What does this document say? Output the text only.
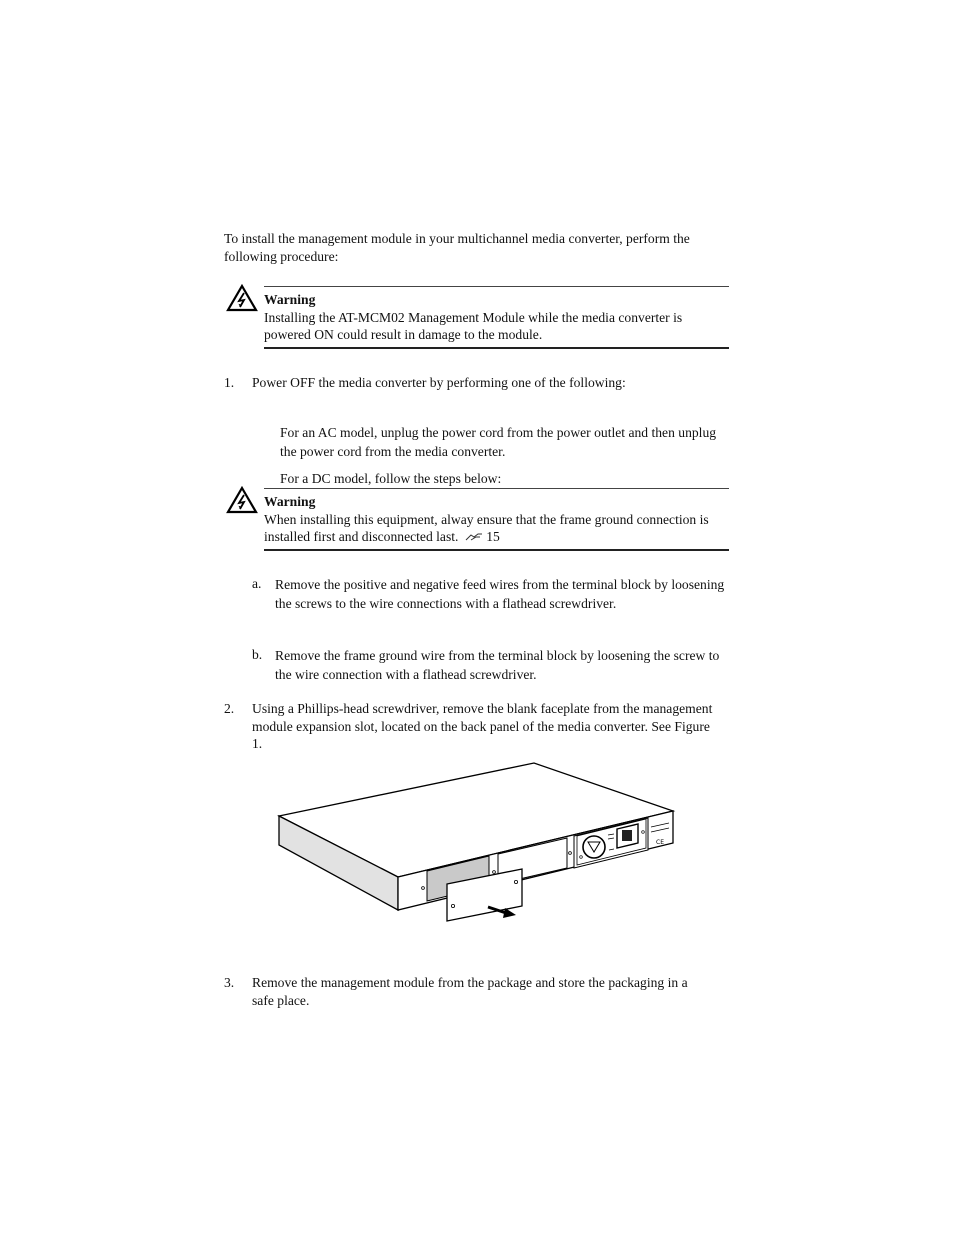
To install the management module in your multichannel media converter, perform the following procedure:

Warning
Installing the AT-MCM02 Management Module while the media converter is powered ON could result in damage to the module.
1. Power OFF the media converter by performing one of the following:

For an AC model, unplug the power cord from the power outlet and then unplug the power cord from the media converter.

For a DC model, follow the steps below:

Warning
When installing this equipment, alway ensure that the frame ground connection is installed first and disconnected last. 15
a. Remove the positive and negative feed wires from the terminal block by loosening the screws to the wire connections with a flathead screwdriver.
b. Remove the frame ground wire from the terminal block by loosening the screw to the wire connection with a flathead screwdriver.
2. Using a Phillips-head screwdriver, remove the blank faceplate from the management module expansion slot, located on the back panel of the media converter. See Figure 1.
CE
3. Remove the management module from the package and store the packaging in a safe place.
